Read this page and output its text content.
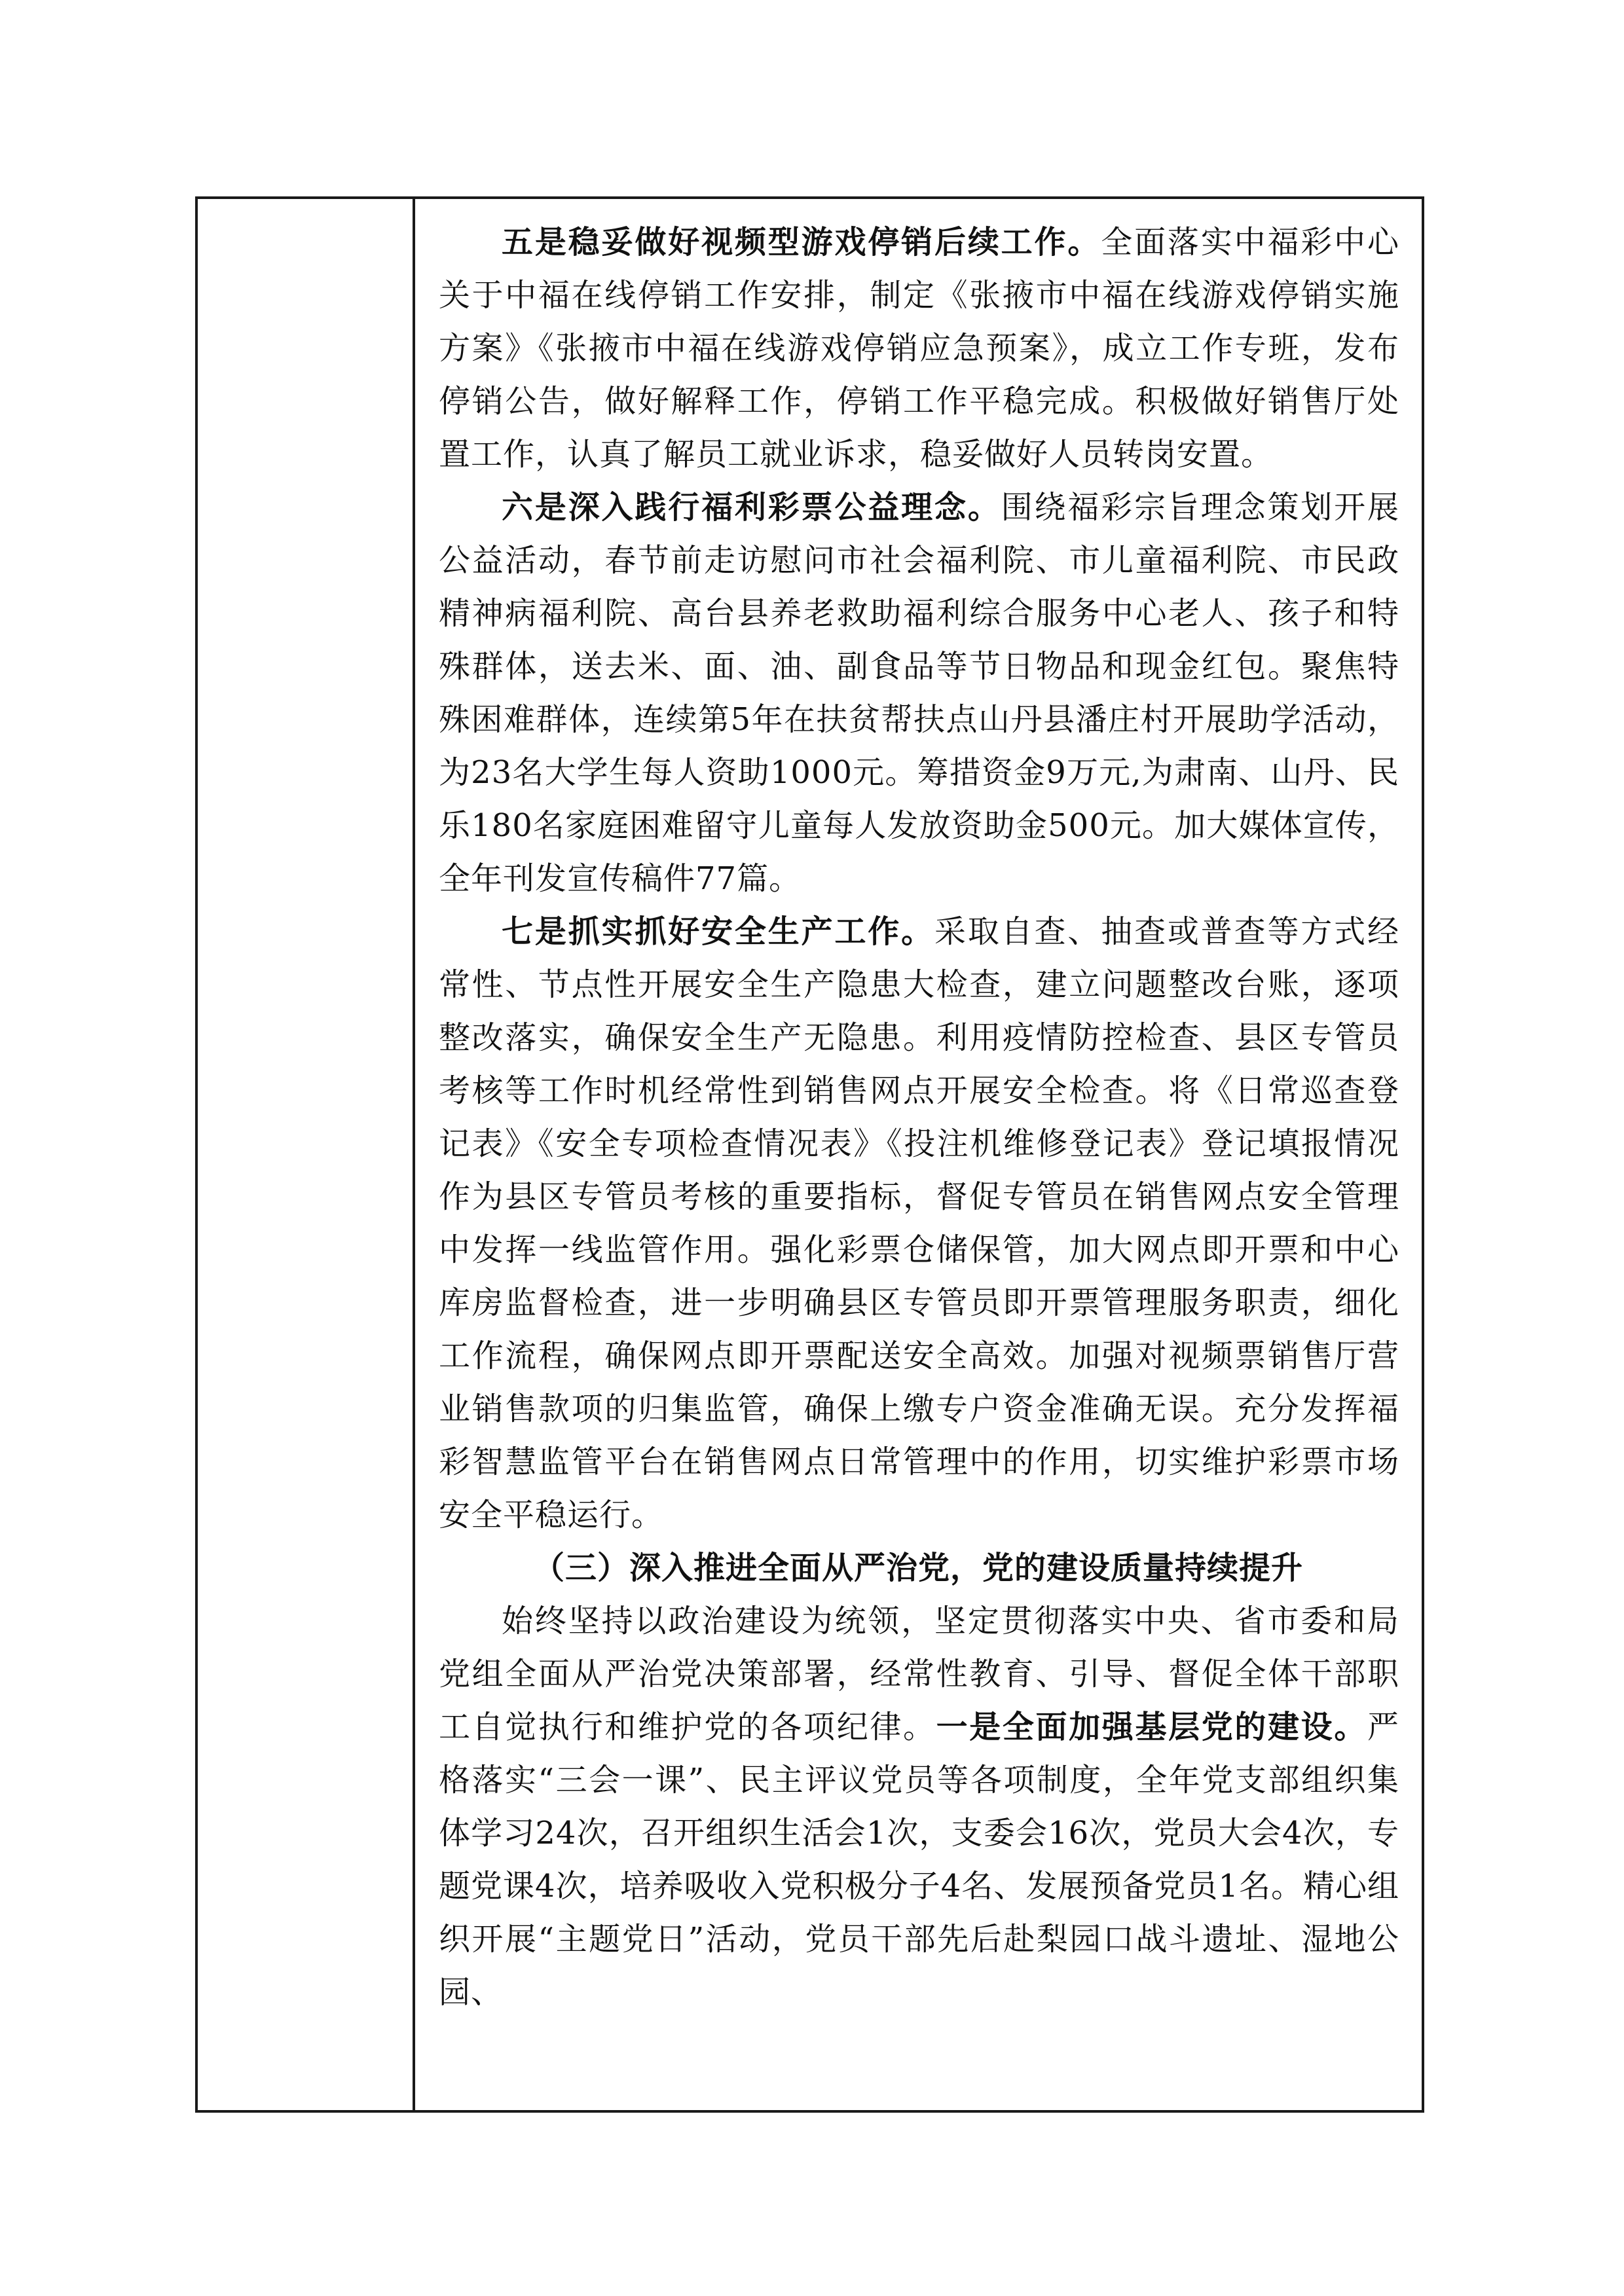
五是稳妥做好视频型游戏停销后续工作。全面落实中福彩中心关于中福在线停销工作安排，制定《张掖市中福在线游戏停销实施方案》《张掖市中福在线游戏停销应急预案》，成立工作专班，发布停销公告，做好解释工作，停销工作平稳完成。积极做好销售厅处置工作，认真了解员工就业诉求，稳妥做好人员转岗安置。

六是深入践行福利彩票公益理念。围绕福彩宗旨理念策划开展公益活动，春节前走访慰问市社会福利院、市儿童福利院、市民政精神病福利院、高台县养老救助福利综合服务中心老人、孩子和特殊群体，送去米、面、油、副食品等节日物品和现金红包。聚焦特殊困难群体，连续第5年在扶贫帮扶点山丹县潘庄村开展助学活动，为23名大学生每人资助1000元。筹措资金9万元,为肃南、山丹、民乐180名家庭困难留守儿童每人发放资助金500元。加大媒体宣传，全年刊发宣传稿件77篇。

七是抓实抓好安全生产工作。采取自查、抽查或普查等方式经常性、节点性开展安全生产隐患大检查，建立问题整改台账，逐项整改落实，确保安全生产无隐患。利用疫情防控检查、县区专管员考核等工作时机经常性到销售网点开展安全检查。将《日常巡查登记表》《安全专项检查情况表》《投注机维修登记表》登记填报情况作为县区专管员考核的重要指标，督促专管员在销售网点安全管理中发挥一线监管作用。强化彩票仓储保管，加大网点即开票和中心库房监督检查，进一步明确县区专管员即开票管理服务职责，细化工作流程，确保网点即开票配送安全高效。加强对视频票销售厅营业销售款项的归集监管，确保上缴专户资金准确无误。充分发挥福彩智慧监管平台在销售网点日常管理中的作用，切实维护彩票市场安全平稳运行。

（三）深入推进全面从严治党，党的建设质量持续提升

始终坚持以政治建设为统领，坚定贯彻落实中央、省市委和局党组全面从严治党决策部署，经常性教育、引导、督促全体干部职工自觉执行和维护党的各项纪律。一是全面加强基层党的建设。严格落实“三会一课”、民主评议党员等各项制度，全年党支部组织集体学习24次，召开组织生活会1次，支委会16次，党员大会4次，专题党课4次，培养吸收入党积极分子4名、发展预备党员1名。精心组织开展“主题党日”活动，党员干部先后赴梨园口战斗遗址、湿地公园、
